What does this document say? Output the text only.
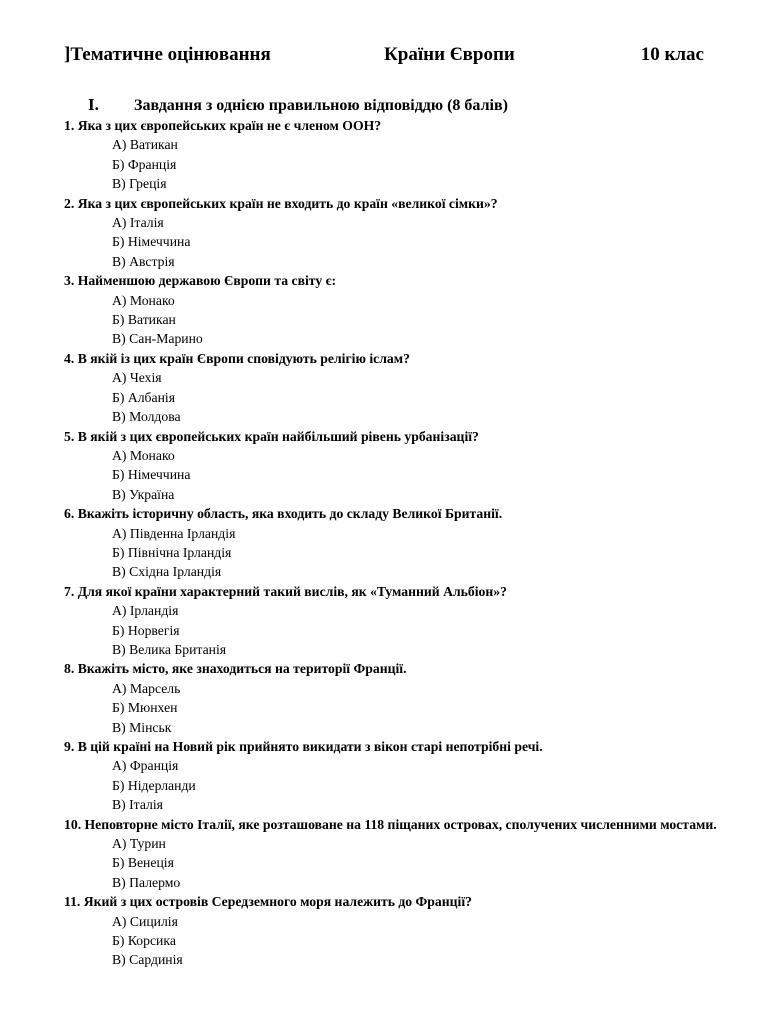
]Тематичне оцінювання	Країни Європи	10 клас
I. Завдання з однією правильною відповіддю (8 балів)
1. Яка з цих європейських країн не є членом ООН?
А) Ватикан
Б) Франція
В) Греція
2. Яка з цих європейських країн не входить до країн «великої сімки»?
А) Італія
Б) Німеччина
В) Австрія
3. Найменшою державою Європи та світу є:
А) Монако
Б) Ватикан
В) Сан-Марино
4. В якій із цих країн Європи сповідують релігію іслам?
А) Чехія
Б) Албанія
В) Молдова
5. В якій з цих європейських країн найбільший рівень урбанізації?
А) Монако
Б) Німеччина
В) Україна
6. Вкажіть історичну область, яка входить до складу Великої Британії.
А) Південна Ірландія
Б) Північна Ірландія
В) Східна Ірландія
7. Для якої країни характерний такий вислів, як «Туманний Альбіон»?
А) Ірландія
Б) Норвегія
В) Велика Британія
8. Вкажіть місто, яке знаходиться на території Франції.
А) Марсель
Б) Мюнхен
В) Мінськ
9. В цій країні на Новий рік прийнято викидати з вікон старі непотрібні речі.
А) Франція
Б) Нідерланди
В) Італія
10. Неповторне місто Італії, яке розташоване на 118 піщаних островах, сполучених численними мостами.
А) Турин
Б) Венеція
В) Палермо
11. Який з цих островів Середземного моря належить до Франції?
А) Сицилія
Б) Корсика
В) Сардинія
